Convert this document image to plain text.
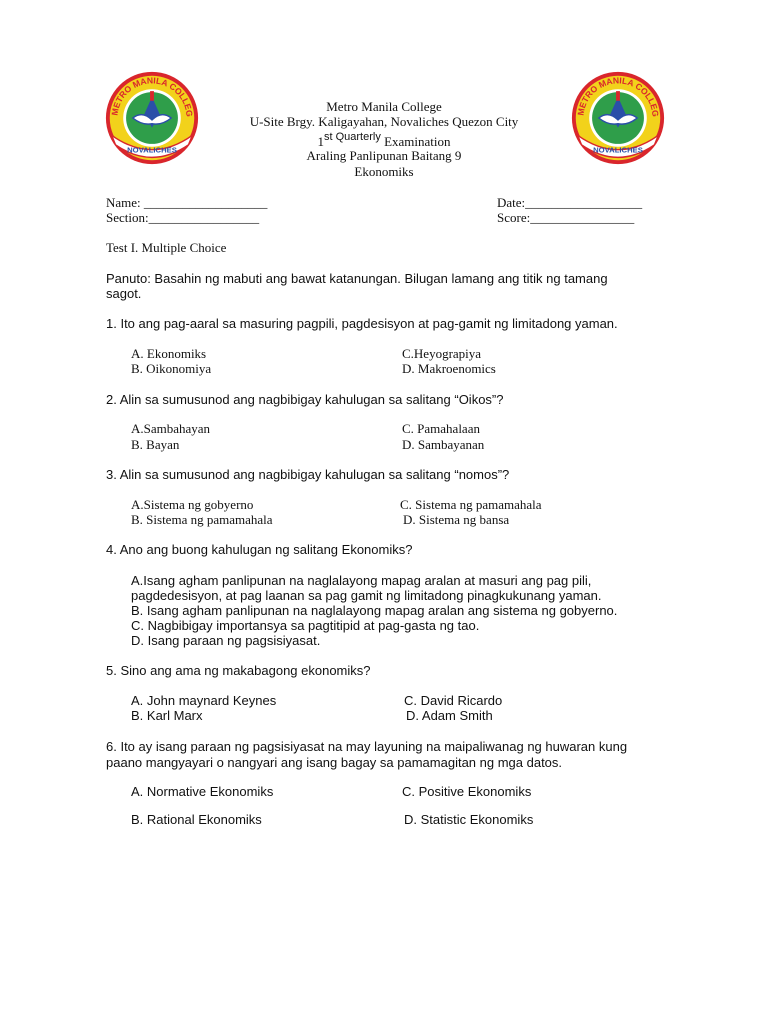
METRO MANILA COLLEG
NOVALICHES
METRO MANILA COLLEG
NOVALICHES
Metro Manila College
U-Site Brgy. Kaligayahan, Novaliches Quezon City
$1^{st Quarterly}$ Examination
Araling Panlipunan Baitang 9
Ekonomiks
Name: ___________________	Date:__________________
Section:_________________	Score:________________
Test I. Multiple Choice
Panuto: Basahin ng mabuti ang bawat katanungan. Bilugan lamang ang titik ng tamang
sagot.
1. Ito ang pag-aaral sa masuring pagpili, pagdesisyon at pag-gamit ng limitadong yaman.
A. Ekonomiks
B. Oikonomiya
C.Heyograpiya
D. Makroenomics
2. Alin sa sumusunod ang nagbibigay kahulugan sa salitang “Oikos”?
A.Sambahayan
B. Bayan
C. Pamahalaan
D. Sambayanan
3. Alin sa sumusunod ang nagbibigay kahulugan sa salitang “nomos”?
A.Sistema ng gobyerno
B. Sistema ng pamamahala
C. Sistema ng pamamahala
D. Sistema ng bansa
4. Ano ang buong kahulugan ng salitang Ekonomiks?
A.Isang agham panlipunan na naglalayong mapag aralan at masuri ang pag pili,
pagdedesisyon, at pag laanan sa pag gamit ng limitadong pinagkukunang yaman.
B. Isang agham panlipunan na naglalayong mapag aralan ang sistema ng gobyerno.
C. Nagbibigay importansya sa pagtitipid at pag-gasta ng tao.
D. Isang paraan ng pagsisiyasat.
5. Sino ang ama ng makabagong ekonomiks?
A. John maynard Keynes
B. Karl Marx
C. David Ricardo
D. Adam Smith
6. Ito ay isang paraan ng pagsisiyasat na may layuning na maipaliwanag ng huwaran kung
paano mangyayari o nangyari ang isang bagay sa pamamagitan ng mga datos.
A. Normative Ekonomiks
B. Rational Ekonomiks
C. Positive Ekonomiks
D. Statistic Ekonomiks
